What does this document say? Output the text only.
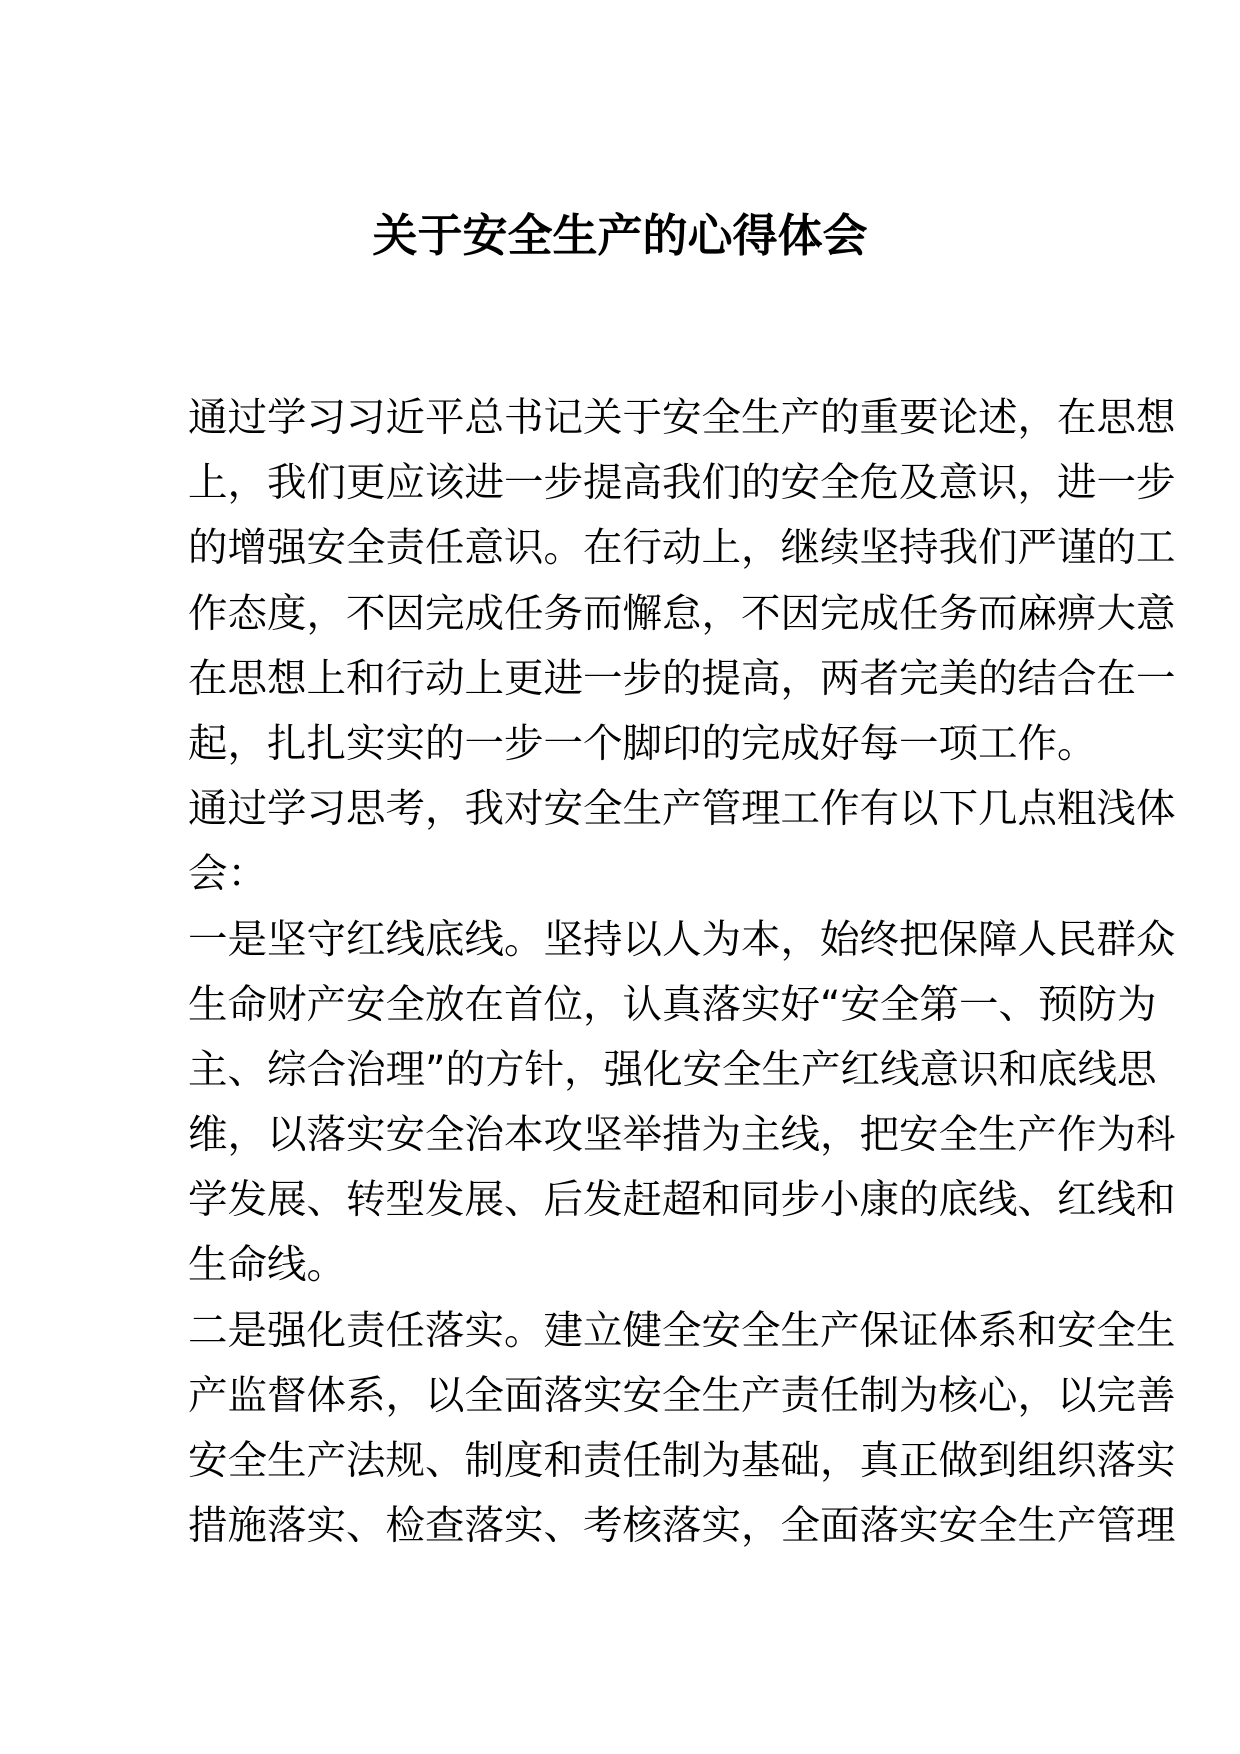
关于安全生产的心得体会
通过学习习近平总书记关于安全生产的重要论述，在思想
上，我们更应该进一步提高我们的安全危及意识，进一步
的增强安全责任意识。在行动上，继续坚持我们严谨的工
作态度，不因完成任务而懈怠，不因完成任务而麻痹大意
在思想上和行动上更进一步的提高，两者完美的结合在一
起，扎扎实实的一步一个脚印的完成好每一项工作。
通过学习思考，我对安全生产管理工作有以下几点粗浅体
会：
一是坚守红线底线。坚持以人为本，始终把保障人民群众
生命财产安全放在首位，认真落实好“安全第一、预防为
主、综合治理”的方针，强化安全生产红线意识和底线思
维，以落实安全治本攻坚举措为主线，把安全生产作为科
学发展、转型发展、后发赶超和同步小康的底线、红线和
生命线。
二是强化责任落实。建立健全安全生产保证体系和安全生
产监督体系，以全面落实安全生产责任制为核心，以完善
安全生产法规、制度和责任制为基础，真正做到组织落实
措施落实、检查落实、考核落实，全面落实安全生产管理
